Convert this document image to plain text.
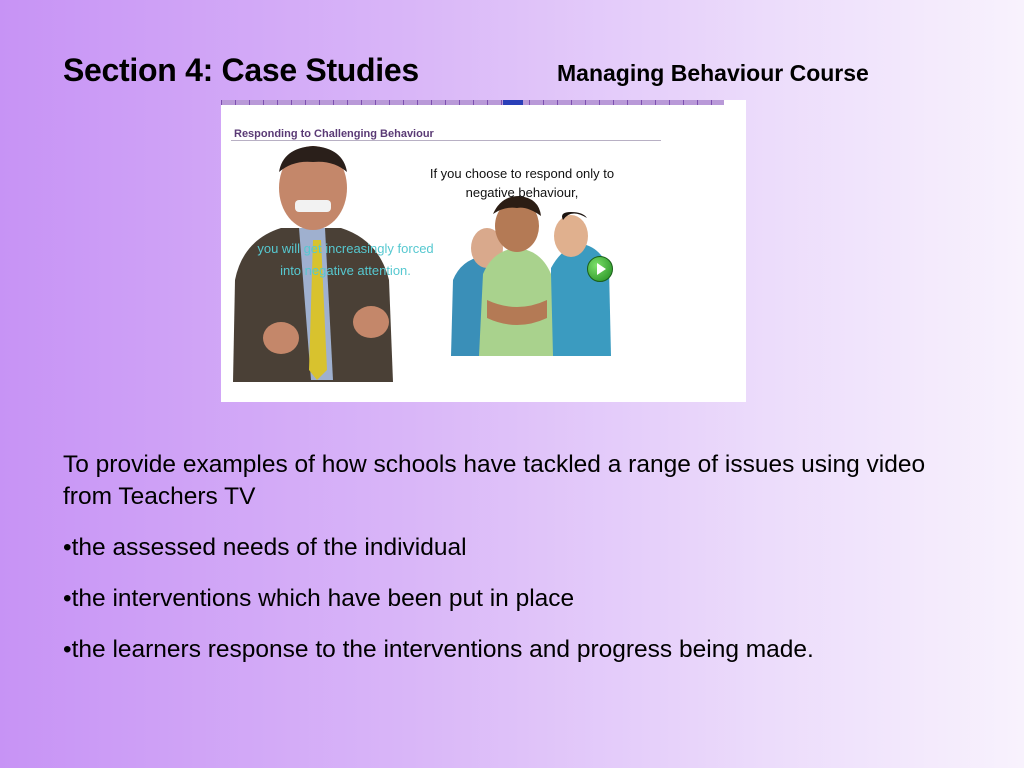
Section 4: Case Studies	Managing Behaviour Course
Responding to Challenging Behaviour
If you choose to respond only to negative behaviour,
you will get increasingly forced into negative attention.

To provide examples of how schools have tackled a range of issues using video from Teachers TV

•the assessed needs of the individual

•the interventions which have been put in place

•the learners response to the interventions and progress being made.
